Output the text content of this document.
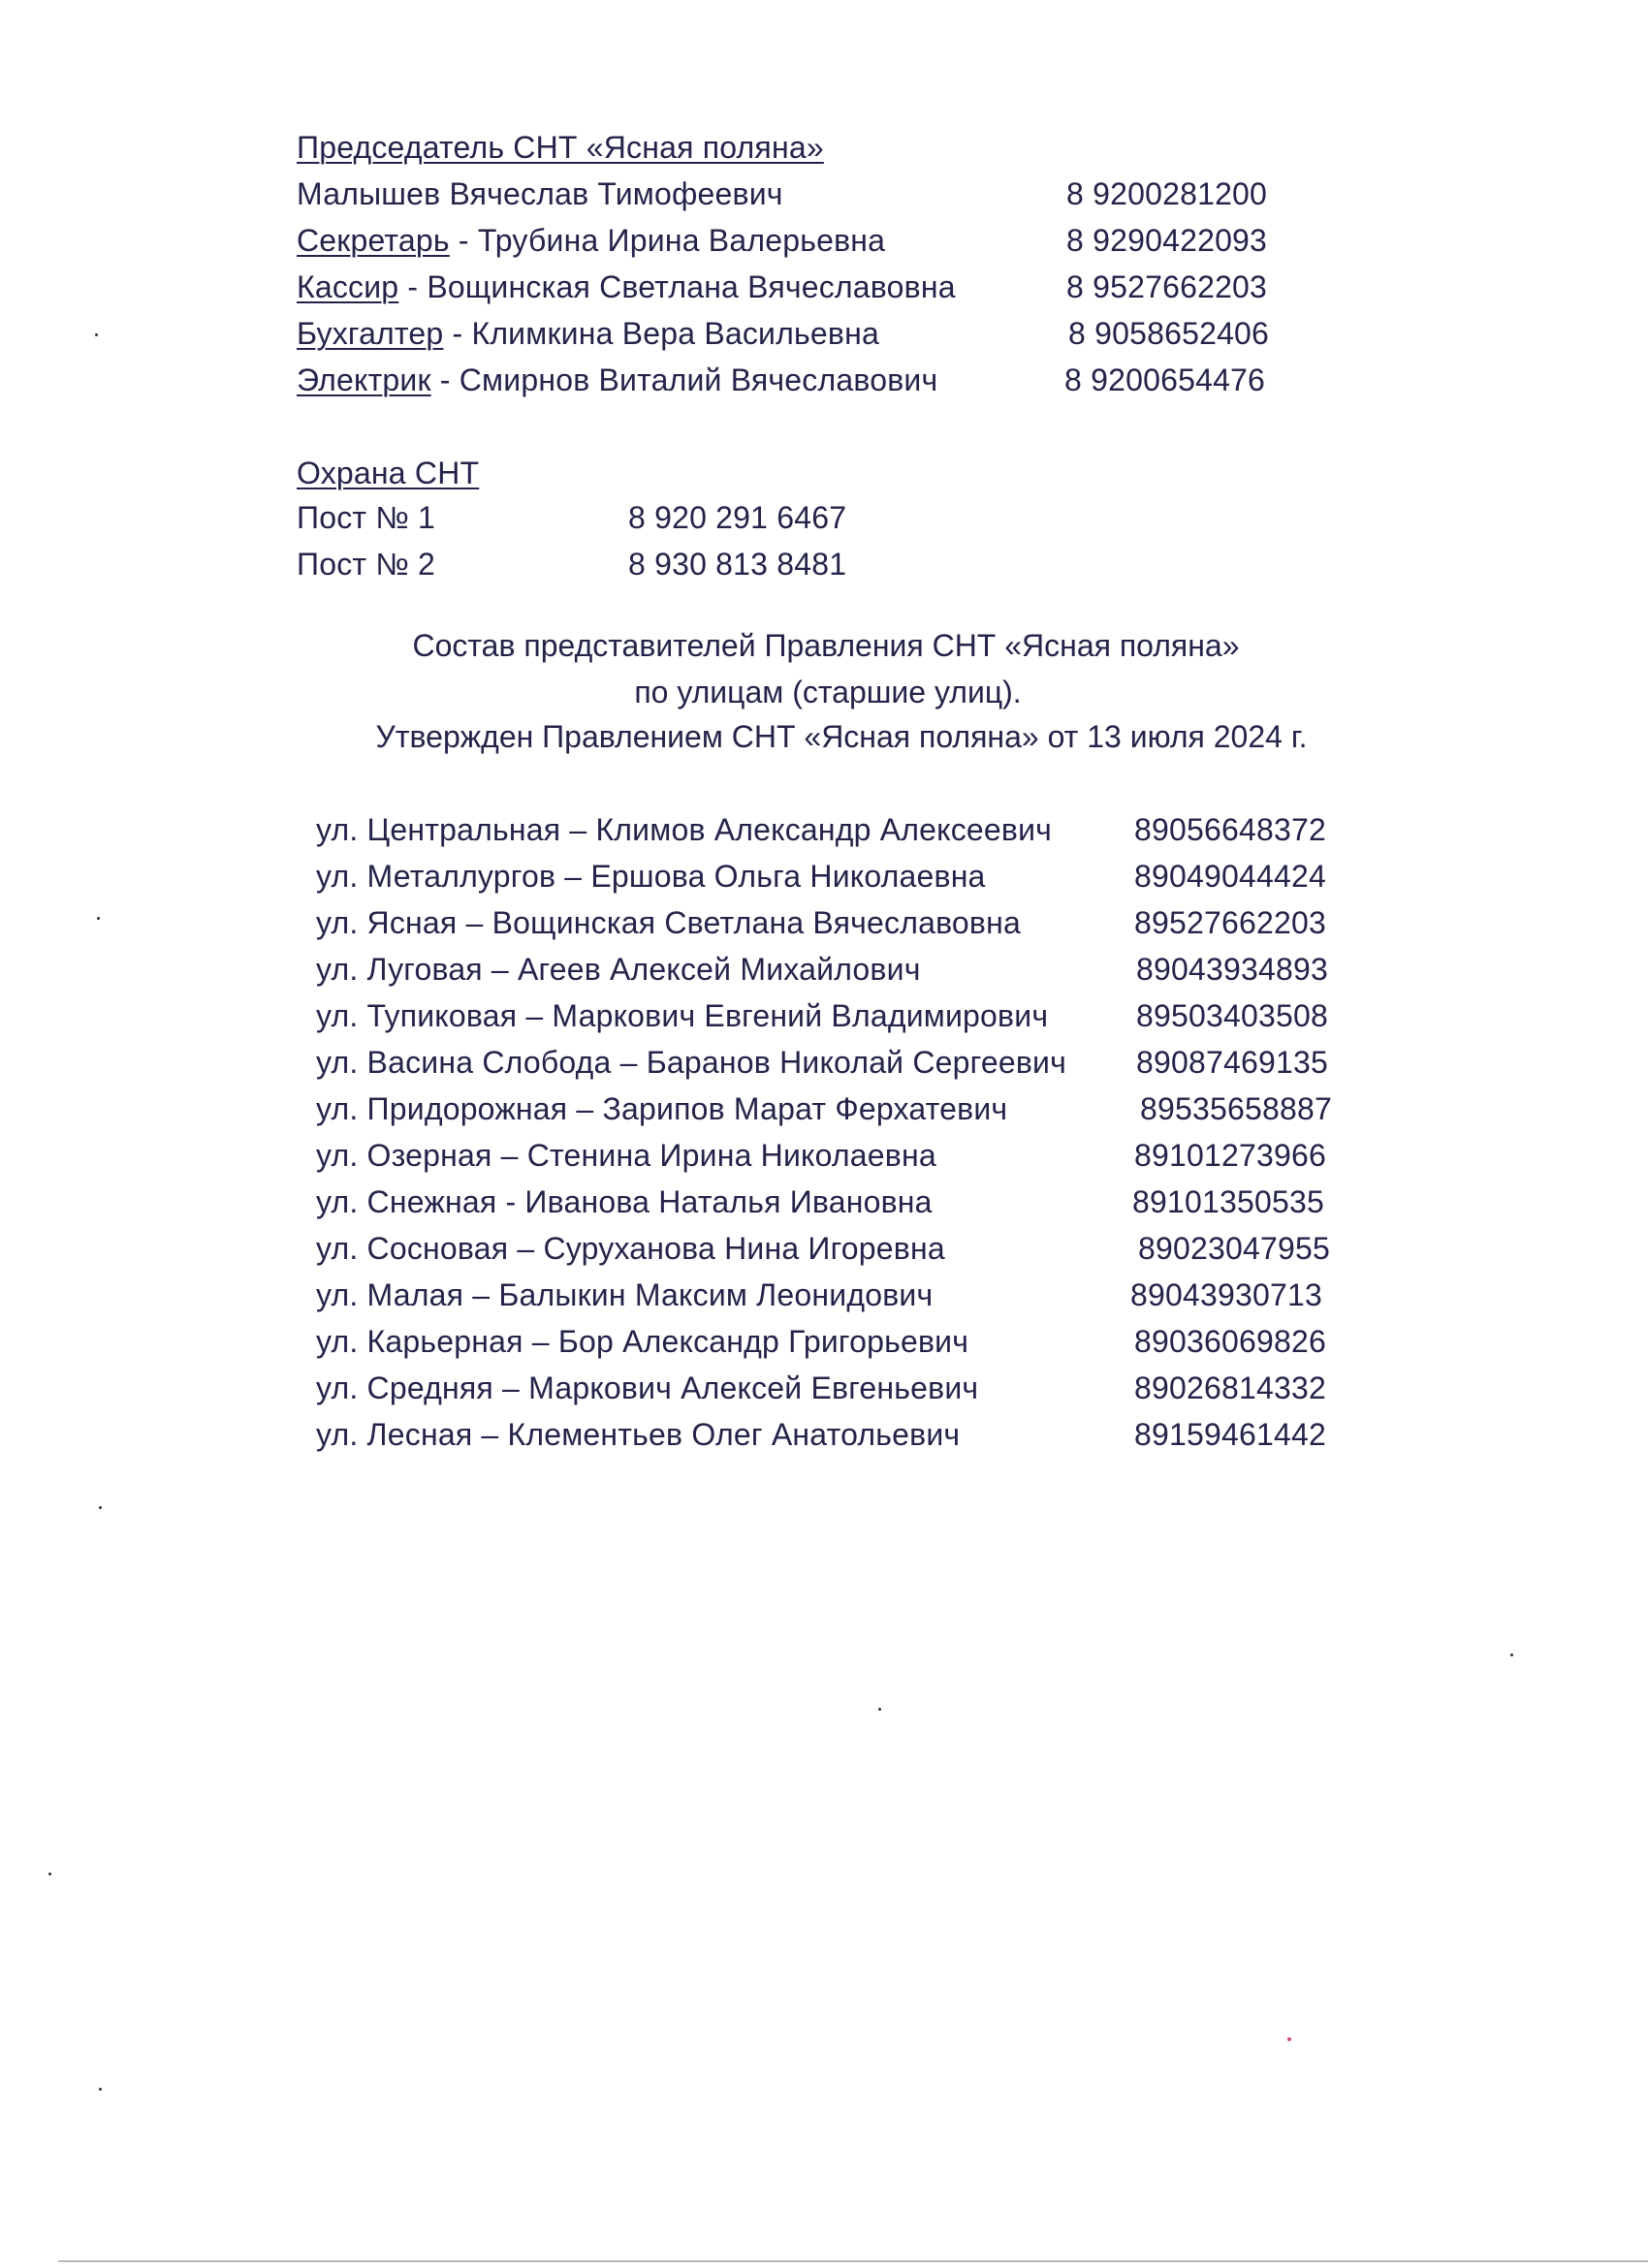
Председатель СНТ «Ясная поляна»
Малышев Вячеслав Тимофеевич	8 9200281200
Секретарь - Трубина Ирина Валерьевна	8 9290422093
Кассир - Вощинская Светлана Вячеславовна	8 9527662203
Бухгалтер - Климкина Вера Васильевна	8 9058652406
Электрик - Смирнов Виталий Вячеславович	8 9200654476
Охрана СНТ
Пост № 1	8 920 291 6467
Пост № 2	8 930 813 8481
Состав представителей Правления СНТ «Ясная поляна»
по улицам (старшие улиц).
Утвержден Правлением СНТ «Ясная поляна» от 13 июля 2024 г.
ул. Центральная – Климов Александр Алексеевич	89056648372
ул. Металлургов – Ершова Ольга Николаевна	89049044424
ул. Ясная – Вощинская Светлана Вячеславовна	89527662203
ул. Луговая – Агеев Алексей Михайлович	89043934893
ул. Тупиковая – Маркович Евгений Владимирович	89503403508
ул. Васина Слобода – Баранов Николай Сергеевич 89087469135
ул. Придорожная – Зарипов Марат Ферхатевич	89535658887
ул. Озерная – Стенина Ирина Николаевна	89101273966
ул. Снежная - Иванова Наталья Ивановна	89101350535
ул. Сосновая – Суруханова Нина Игоревна	89023047955
ул. Малая – Балыкин Максим Леонидович	89043930713
ул. Карьерная – Бор Александр Григорьевич	89036069826
ул. Средняя – Маркович Алексей Евгеньевич	89026814332
ул. Лесная – Клементьев Олег Анатольевич	89159461442
